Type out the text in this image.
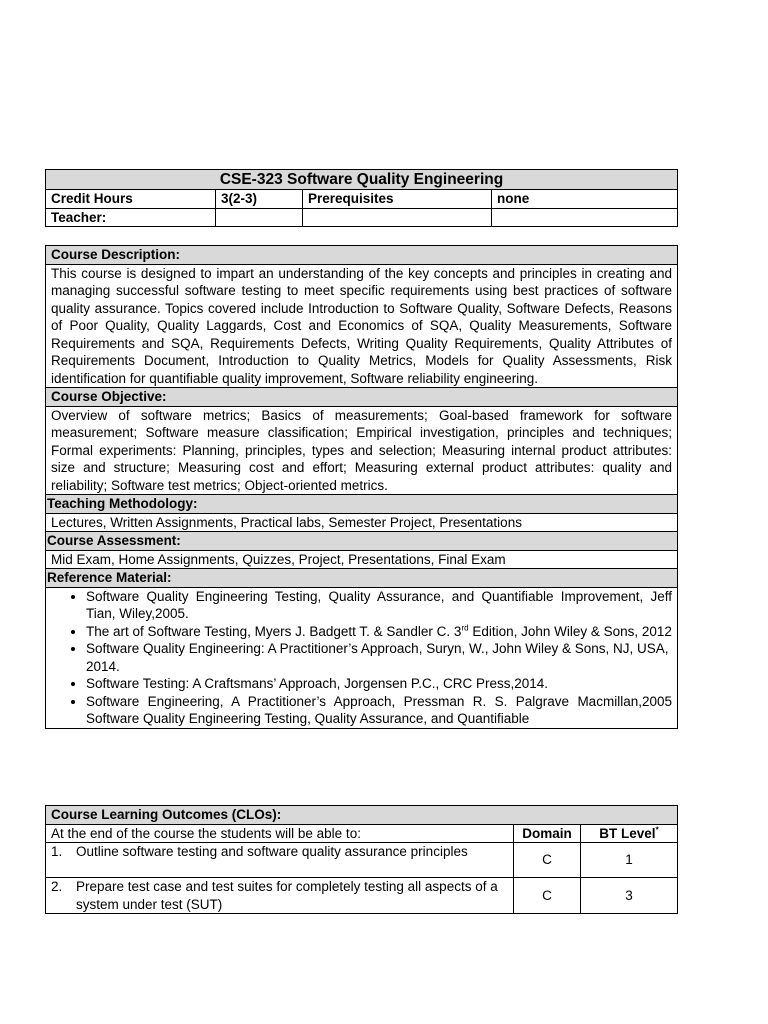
CSE-323 Software Quality Engineering			
Credit Hours	3(2-3)	Prerequisites	none
Teacher:			
Course Description:
This course is designed to impart an understanding of the key concepts and principles in creating and managing successful software testing to meet specific requirements using best practices of software quality assurance. Topics covered include Introduction to Software Quality, Software Defects, Reasons of Poor Quality, Quality Laggards, Cost and Economics of SQA, Quality Measurements, Software Requirements and SQA, Requirements Defects, Writing Quality Requirements, Quality Attributes of Requirements Document, Introduction to Quality Metrics, Models for Quality Assessments, Risk identification for quantifiable quality improvement, Software reliability engineering.
Course Objective:
Overview of software metrics; Basics of measurements; Goal-based framework for software measurement; Software measure classification; Empirical investigation, principles and techniques; Formal experiments: Planning, principles, types and selection; Measuring internal product attributes: size and structure; Measuring cost and effort; Measuring external product attributes: quality and reliability; Software test metrics; Object-oriented metrics.
Teaching Methodology:
Lectures, Written Assignments, Practical labs, Semester Project, Presentations
Course Assessment:
Mid Exam, Home Assignments, Quizzes, Project, Presentations, Final Exam
Reference Material:

• Software Quality Engineering Testing, Quality Assurance, and Quantifiable Improvement, Jeff Tian, Wiley,2005.
• The art of Software Testing, Myers J. Badgett T. & Sandler C. 3rd Edition, John Wiley & Sons, 2012
• Software Quality Engineering: A Practitioner’s Approach, Suryn, W., John Wiley & Sons, NJ, USA, 2014.
• Software Testing: A Craftsmans’ Approach, Jorgensen P.C., CRC Press,2014.
• Software Engineering, A Practitioner’s Approach, Pressman R. S. Palgrave Macmillan,2005 Software Quality Engineering Testing, Quality Assurance, and Quantifiable
Course Learning Outcomes (CLOs):		
At the end of the course the students will be able to:	Domain	BT Level*

1. Outline software testing and software quality assurance principles	C	1

2. Prepare test case and test suites for completely testing all aspects of a system under test (SUT)	C	3
